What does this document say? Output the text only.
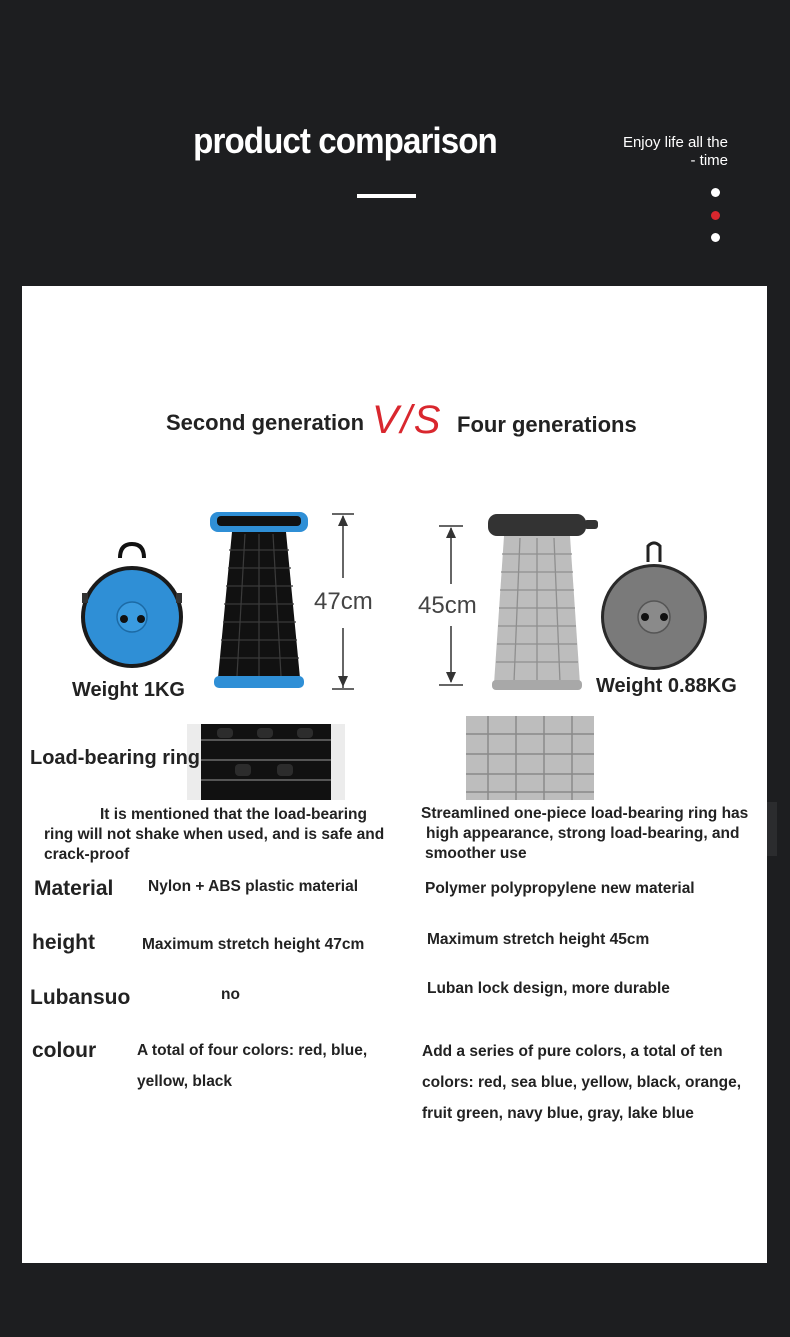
product comparison	Enjoy life all the
- time
Second generation V/S Four generations
47cm
Weight 1KG
45cm
Weight 0.88KG
Load-bearing ring
It is mentioned that the load-bearing
ring will not shake when used, and is safe and
crack-proof
Streamlined one-piece load-bearing ring has
high appearance, strong load-bearing, and
smoother use
Material Nylon + ABS plastic material	Polymer polypropylene new material
height	Maximum stretch height 47cm	Maximum stretch height 45cm
Lubansuo	no	Luban lock design, more durable
colour	A total of four colors: red, blue,
yellow, black
Add a series of pure colors, a total of ten
colors: red, sea blue, yellow, black, orange,
fruit green, navy blue, gray, lake blue
